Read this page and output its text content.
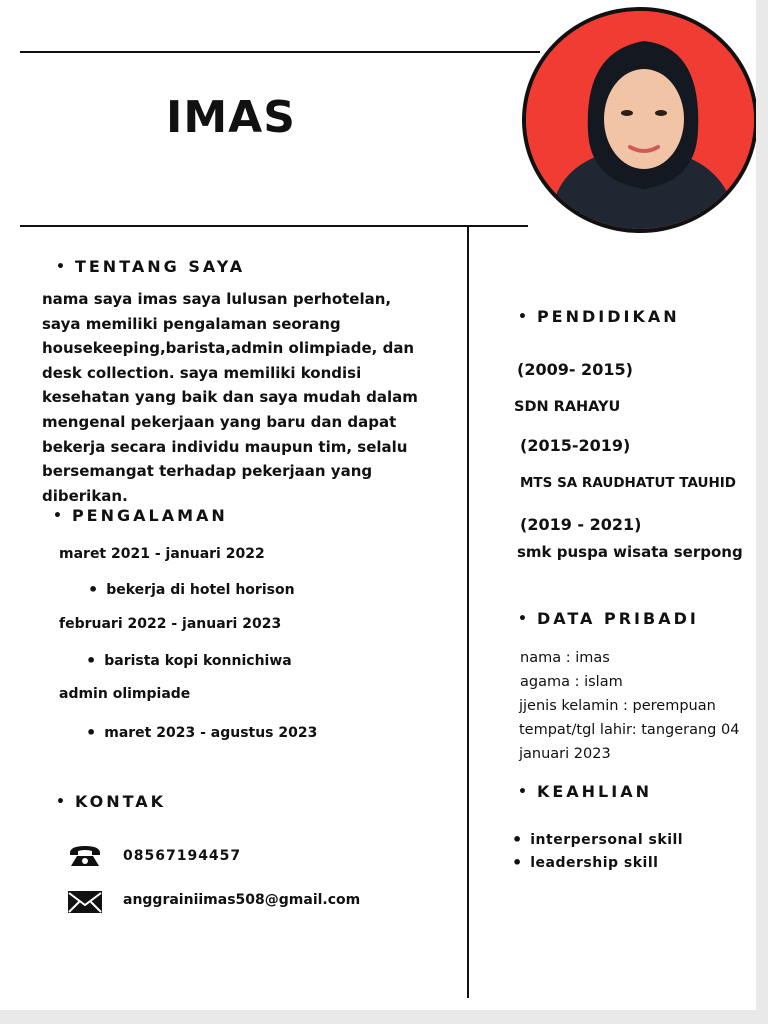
IMAS
• TENTANG SAYA
nama saya imas saya lulusan perhotelan, saya memiliki pengalaman seorang housekeeping,barista,admin olimpiade, dan desk collection. saya memiliki kondisi kesehatan yang baik dan saya mudah dalam mengenal pekerjaan yang baru dan dapat bekerja secara individu maupun tim, selalu bersemangat terhadap pekerjaan yang diberikan.
• PENGALAMAN
maret 2021 - januari 2022
• bekerja di hotel horison
februari 2022 - januari 2023
• barista kopi konnichiwa
admin olimpiade
• maret 2023 - agustus 2023
• KONTAK
08567194457
anggrainiimas508@gmail.com
• PENDIDIKAN
(2009- 2015)
SDN RAHAYU
(2015-2019)
MTS SA RAUDHATUT TAUHID
(2019 - 2021)
smk puspa wisata serpong
• DATA PRIBADI
nama : imas
agama : islam
jjenis kelamin : perempuan
tempat/tgl lahir: tangerang 04
januari 2023
• KEAHLIAN
• interpersonal skill
• leadership skill
